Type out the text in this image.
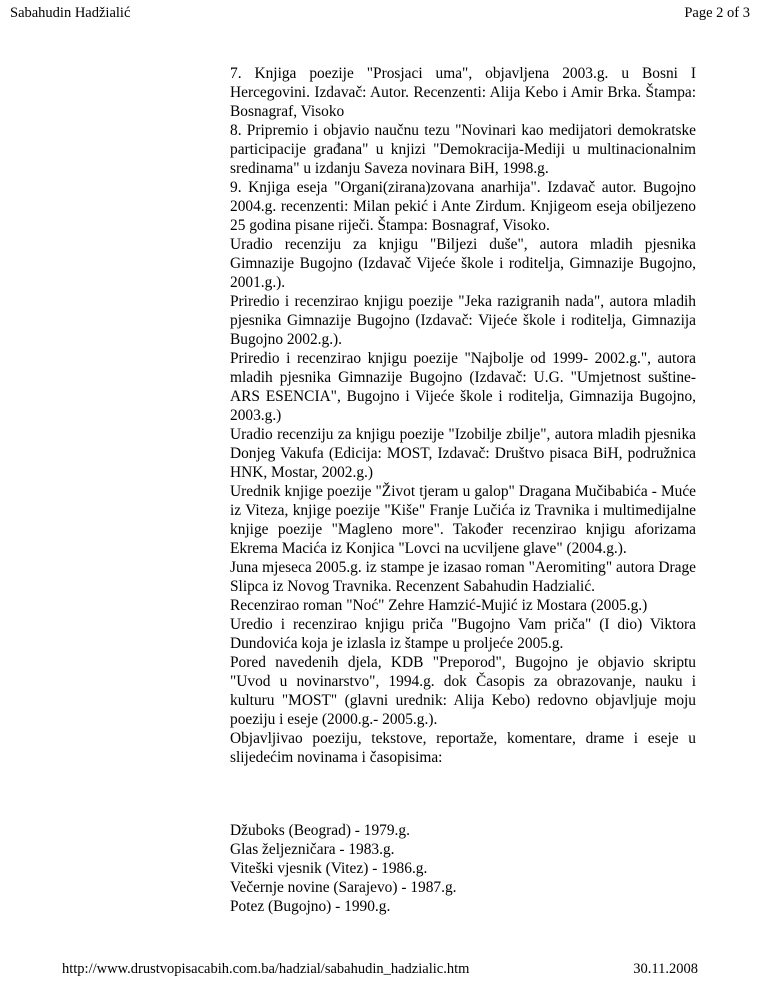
Sabahudin Hadžialić	Page 2 of 3

7. Knjiga poezije "Prosjaci uma", objavljena 2003.g. u Bosni I Hercegovini. Izdavač: Autor. Recenzenti: Alija Kebo i Amir Brka. Štampa: Bosnagraf, Visoko

8. Pripremio i objavio naučnu tezu "Novinari kao medijatori demokratske participacije građana" u knjizi "Demokracija-Mediji u multinacionalnim sredinama" u izdanju Saveza novinara BiH, 1998.g.

9. Knjiga eseja "Organi(zirana)zovana anarhija". Izdavač autor. Bugojno 2004.g. recenzenti: Milan pekić i Ante Zirdum. Knjigeom eseja obiljezeno 25 godina pisane riječi. Štampa: Bosnagraf, Visoko.

Uradio recenziju za knjigu "Biljezi duše", autora mladih pjesnika Gimnazije Bugojno (Izdavač Vijeće škole i roditelja, Gimnazije Bugojno, 2001.g.).

Priredio i recenzirao knjigu poezije "Jeka razigranih nada", autora mladih pjesnika Gimnazije Bugojno (Izdavač: Vijeće škole i roditelja, Gimnazija Bugojno 2002.g.).

Priredio i recenzirao knjigu poezije "Najbolje od 1999- 2002.g.", autora mladih pjesnika Gimnazije Bugojno (Izdavač: U.G. "Umjetnost suštine- ARS ESENCIA", Bugojno i Vijeće škole i roditelja, Gimnazija Bugojno, 2003.g.)

Uradio recenziju za knjigu poezije "Izobilje zbilje", autora mladih pjesnika Donjeg Vakufa (Edicija: MOST, Izdavač: Društvo pisaca BiH, podružnica HNK, Mostar, 2002.g.)

Urednik knjige poezije "Život tjeram u galop" Dragana Mučibabića - Muće iz Viteza, knjige poezije "Kiše" Franje Lučića iz Travnika i multimedijalne knjige poezije "Magleno more". Također recenzirao knjigu aforizama Ekrema Macića iz Konjica "Lovci na ucviljene glave" (2004.g.).

Juna mjeseca 2005.g. iz stampe je izasao roman "Aeromiting" autora Drage Slipca iz Novog Travnika. Recenzent Sabahudin Hadzialić.

Recenzirao roman "Noć" Zehre Hamzić-Mujić iz Mostara (2005.g.)

Uredio i recenzirao knjigu priča "Bugojno Vam priča" (I dio) Viktora Dundovića koja je izlasla iz štampe u proljeće 2005.g.

Pored navedenih djela, KDB "Preporod", Bugojno je objavio skriptu "Uvod u novinarstvo", 1994.g. dok Časopis za obrazovanje, nauku i kulturu "MOST" (glavni urednik: Alija Kebo) redovno objavljuje moju poeziju i eseje (2000.g.- 2005.g.).

Objavljivao poeziju, tekstove, reportaže, komentare, drame i eseje u slijedećim novinama i časopisima:

Džuboks (Beograd) - 1979.g.
Glas željezničara - 1983.g.
Viteški vjesnik (Vitez) - 1986.g.
Večernje novine (Sarajevo) - 1987.g.
Potez (Bugojno) - 1990.g.
http://www.drustvopisacabih.com.ba/hadzial/sabahudin_hadzialic.htm	30.11.2008
